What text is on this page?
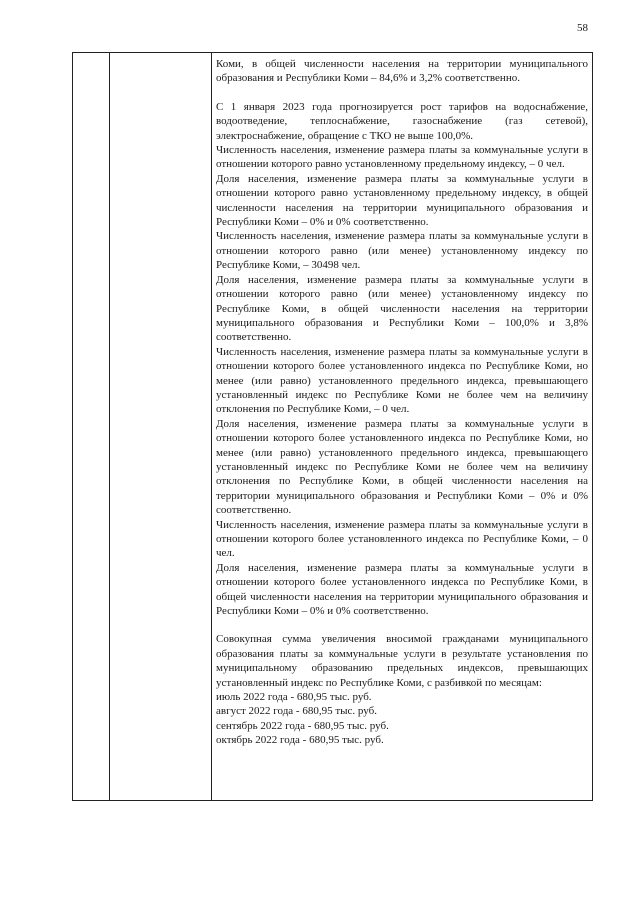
58

Коми, в общей численности населения на территории муниципального образования и Республики Коми – 84,6% и 3,2% соответственно.

С 1 января 2023 года прогнозируется рост тарифов на водоснабжение, водоотведение, теплоснабжение, газоснабжение (газ сетевой), электроснабжение, обращение с ТКО не выше 100,0%.

Численность населения, изменение размера платы за коммунальные услуги в отношении которого равно установленному предельному индексу, – 0 чел.

Доля населения, изменение размера платы за коммунальные услуги в отношении которого равно установленному предельному индексу, в общей численности населения на территории муниципального образования и Республики Коми – 0% и 0% соответственно.

Численность населения, изменение размера платы за коммунальные услуги в отношении которого равно (или менее) установленному индексу по Республике Коми, – 30498 чел.

Доля населения, изменение размера платы за коммунальные услуги в отношении которого равно (или менее) установленному индексу по Республике Коми, в общей численности населения на территории муниципального образования и Республики Коми – 100,0% и 3,8% соответственно.

Численность населения, изменение размера платы за коммунальные услуги в отношении которого более установленного индекса по Республике Коми, но менее (или равно) установленного предельного индекса, превышающего установленный индекс по Республике Коми не более чем на величину отклонения по Республике Коми, – 0 чел.

Доля населения, изменение размера платы за коммунальные услуги в отношении которого более установленного индекса по Республике Коми, но менее (или равно) установленного предельного индекса, превышающего установленный индекс по Республике Коми не более чем на величину отклонения по Республике Коми, в общей численности населения на территории муниципального образования и Республики Коми – 0% и 0% соответственно.

Численность населения, изменение размера платы за коммунальные услуги в отношении которого более установленного индекса по Республике Коми, – 0 чел.

Доля населения, изменение размера платы за коммунальные услуги в отношении которого более установленного индекса по Республике Коми, в общей численности населения на территории муниципального образования и Республики Коми – 0% и 0% соответственно.

Совокупная сумма увеличения вносимой гражданами муниципального образования платы за коммунальные услуги в результате установления по муниципальному образованию предельных индексов, превышающих установленный индекс по Республике Коми, с разбивкой по месяцам:

июль 2022 года - 680,95 тыс. руб.

август 2022 года - 680,95 тыс. руб.

сентябрь 2022 года - 680,95 тыс. руб.

октябрь 2022 года - 680,95 тыс. руб.
